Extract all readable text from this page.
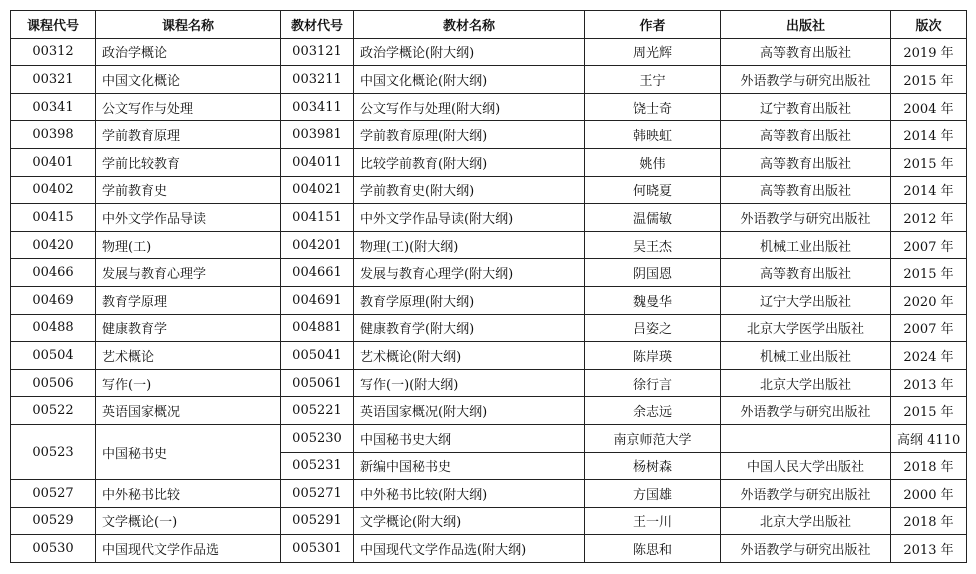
课程代号	课程名称	教材代号	教材名称	作者	出版社	版次
00312	政治学概论	003121	政治学概论(附大纲)	周光辉	高等教育出版社	2019 年
00321	中国文化概论	003211	中国文化概论(附大纲)	王宁	外语教学与研究出版社	2015 年
00341	公文写作与处理	003411	公文写作与处理(附大纲)	饶士奇	辽宁教育出版社	2004 年
00398	学前教育原理	003981	学前教育原理(附大纲)	韩映虹	高等教育出版社	2014 年
00401	学前比较教育	004011	比较学前教育(附大纲)	姚伟	高等教育出版社	2015 年
00402	学前教育史	004021	学前教育史(附大纲)	何晓夏	高等教育出版社	2014 年
00415	中外文学作品导读	004151	中外文学作品导读(附大纲)	温儒敏	外语教学与研究出版社	2012 年
00420	物理(工)	004201	物理(工)(附大纲)	吴王杰	机械工业出版社	2007 年
00466	发展与教育心理学	004661	发展与教育心理学(附大纲)	阴国恩	高等教育出版社	2015 年
00469	教育学原理	004691	教育学原理(附大纲)	魏曼华	辽宁大学出版社	2020 年
00488	健康教育学	004881	健康教育学(附大纲)	吕姿之	北京大学医学出版社	2007 年
00504	艺术概论	005041	艺术概论(附大纲)	陈岸瑛	机械工业出版社	2024 年
00506	写作(一)	005061	写作(一)(附大纲)	徐行言	北京大学出版社	2013 年
00522	英语国家概况	005221	英语国家概况(附大纲)	余志远	外语教学与研究出版社	2015 年
00523	中国秘书史	005230	中国秘书史大纲	南京师范大学		高纲 4110
		005231	新编中国秘书史	杨树森	中国人民大学出版社	2018 年
00527	中外秘书比较	005271	中外秘书比较(附大纲)	方国雄	外语教学与研究出版社	2000 年
00529	文学概论(一)	005291	文学概论(附大纲)	王一川	北京大学出版社	2018 年
00530	中国现代文学作品选	005301	中国现代文学作品选(附大纲)	陈思和	外语教学与研究出版社	2013 年
